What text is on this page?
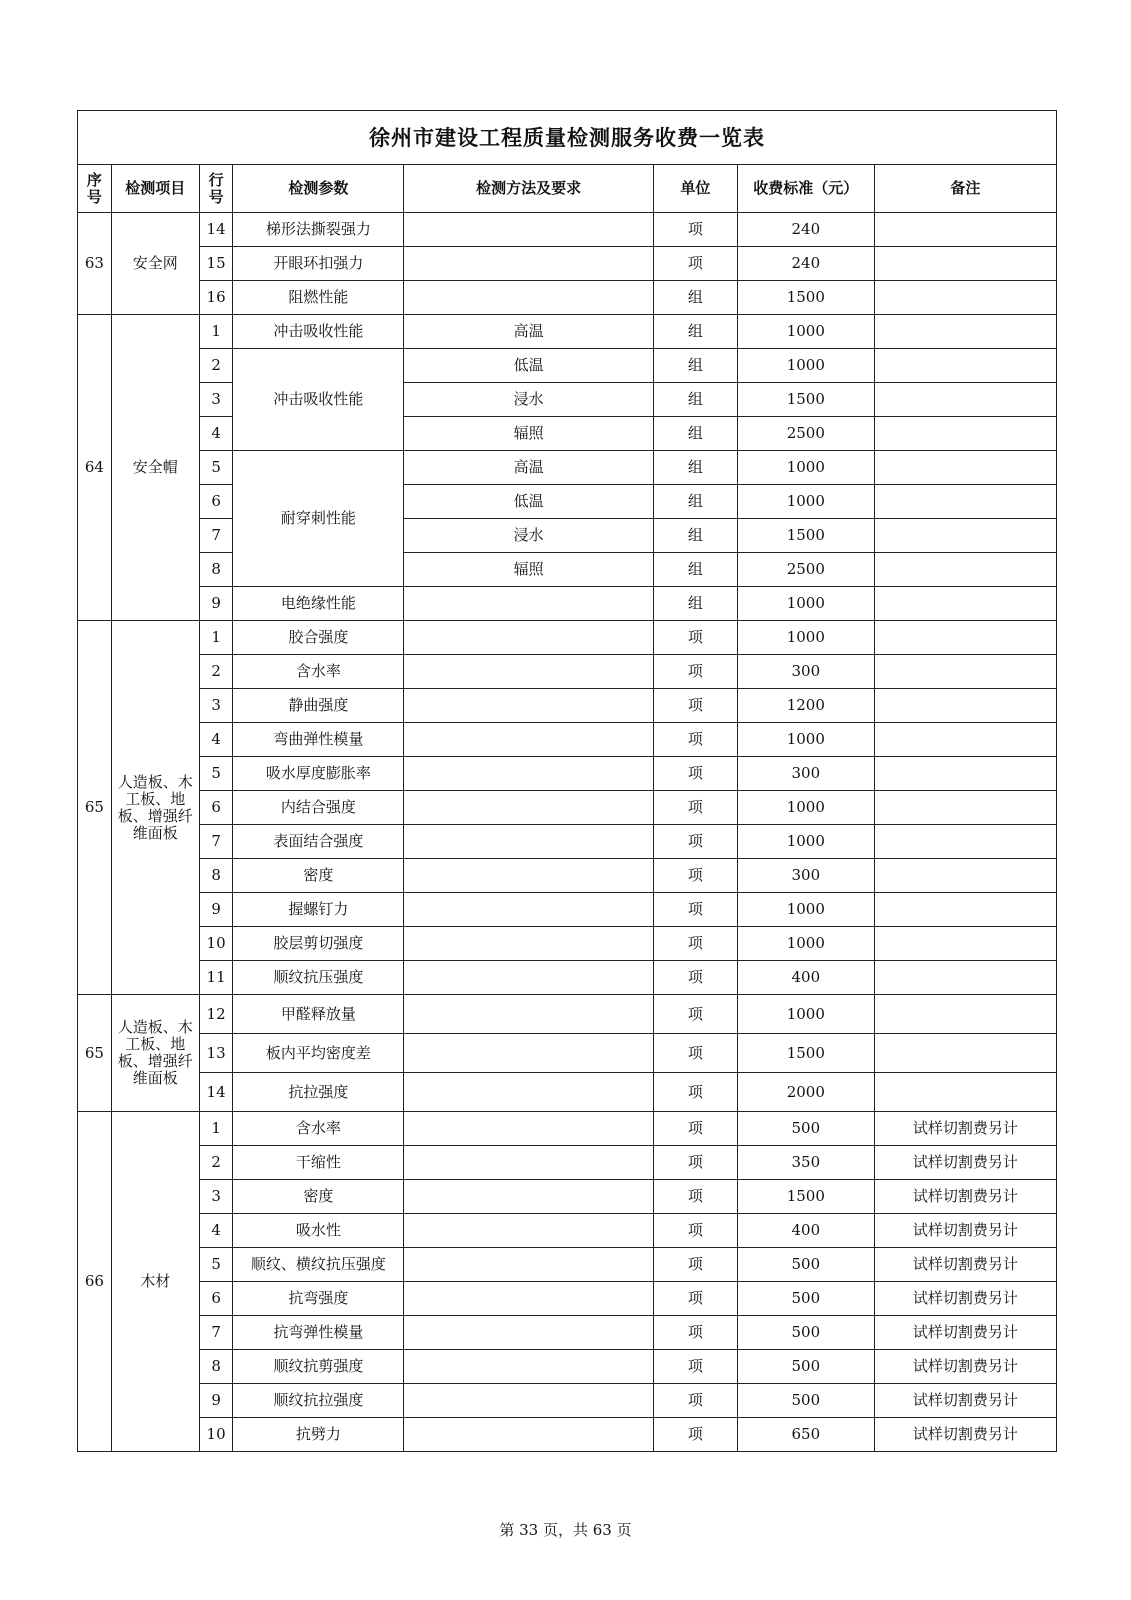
徐州市建设工程质量检测服务收费一览表							
序号	检测项目	行号	检测参数	检测方法及要求	单位	收费标准（元）	备注
63	安全网	14	梯形法撕裂强力		项	240	
		15	开眼环扣强力		项	240	
		16	阻燃性能		组	1500	
64	安全帽	1	冲击吸收性能	高温	组	1000	
		2	冲击吸收性能	低温	组	1000	
		3		浸水	组	1500	
		4		辐照	组	2500	
		5	耐穿刺性能	高温	组	1000	
		6		低温	组	1000	
		7		浸水	组	1500	
		8		辐照	组	2500	
		9	电绝缘性能		组	1000	
65	人造板、木工板、地板、增强纤维面板	1	胶合强度		项	1000	
		2	含水率		项	300	
		3	静曲强度		项	1200	
		4	弯曲弹性模量		项	1000	
		5	吸水厚度膨胀率		项	300	
		6	内结合强度		项	1000	
		7	表面结合强度		项	1000	
		8	密度		项	300	
		9	握螺钉力		项	1000	
		10	胶层剪切强度		项	1000	
		11	顺纹抗压强度		项	400	
65	人造板、木工板、地板、增强纤维面板	12	甲醛释放量		项	1000	
		13	板内平均密度差		项	1500	
		14	抗拉强度		项	2000	
66	木材	1	含水率		项	500	试样切割费另计
		2	干缩性		项	350	试样切割费另计
		3	密度		项	1500	试样切割费另计
		4	吸水性		项	400	试样切割费另计
		5	顺纹、横纹抗压强度		项	500	试样切割费另计
		6	抗弯强度		项	500	试样切割费另计
		7	抗弯弹性模量		项	500	试样切割费另计
		8	顺纹抗剪强度		项	500	试样切割费另计
		9	顺纹抗拉强度		项	500	试样切割费另计
		10	抗劈力		项	650	试样切割费另计
第 33 页，共 63 页
